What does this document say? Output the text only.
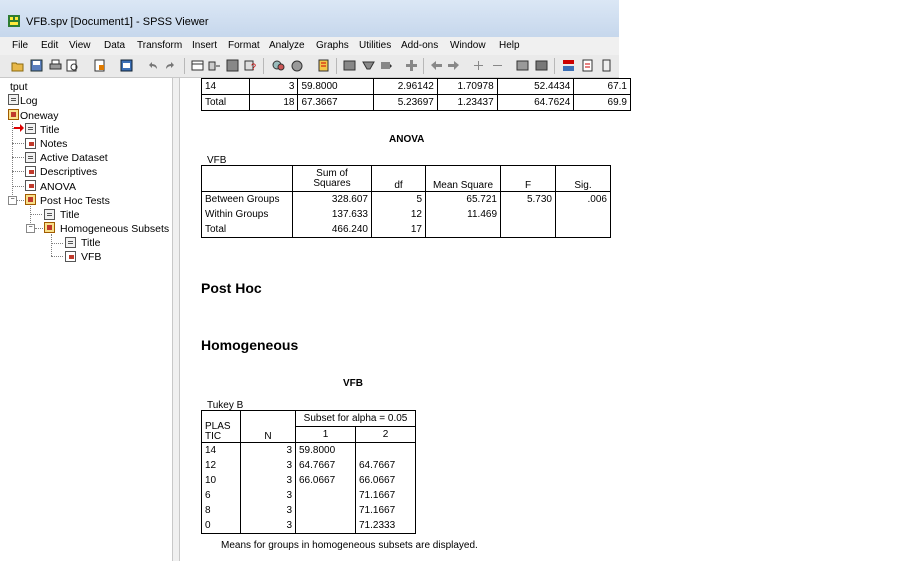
VFB.spv [Document1] - SPSS Viewer
File Edit View Data Transform Insert Format Analyze Graphs Utilities Add-ons Window Help
?
tput
Log
Oneway
Title
Notes
Active Dataset
Descriptives
ANOVA
− Post Hoc Tests
Title
−	Homogeneous Subsets
Title
VFB
14	3	59.8000	2.96142	1.70978	52.4434	67.1
Total	18	67.3667	5.23697	1.23437	64.7624	69.9
ANOVA
VFB
	Sum of
Squares	df	Mean Square	F	Sig.
Between Groups	328.607	5	65.721	5.730	.006
Within Groups	137.633	12	11.469		
Total	466.240	17			
Post Hoc
Homogeneous
VFB
Tukey B
PLAS
TIC	N	Subset for alpha = 0.05	
		1	2
14	3	59.8000	
12	3	64.7667	64.7667
10	3	66.0667	66.0667
6	3		71.1667
8	3		71.1667
0	3		71.2333
Means for groups in homogeneous subsets are displayed.
